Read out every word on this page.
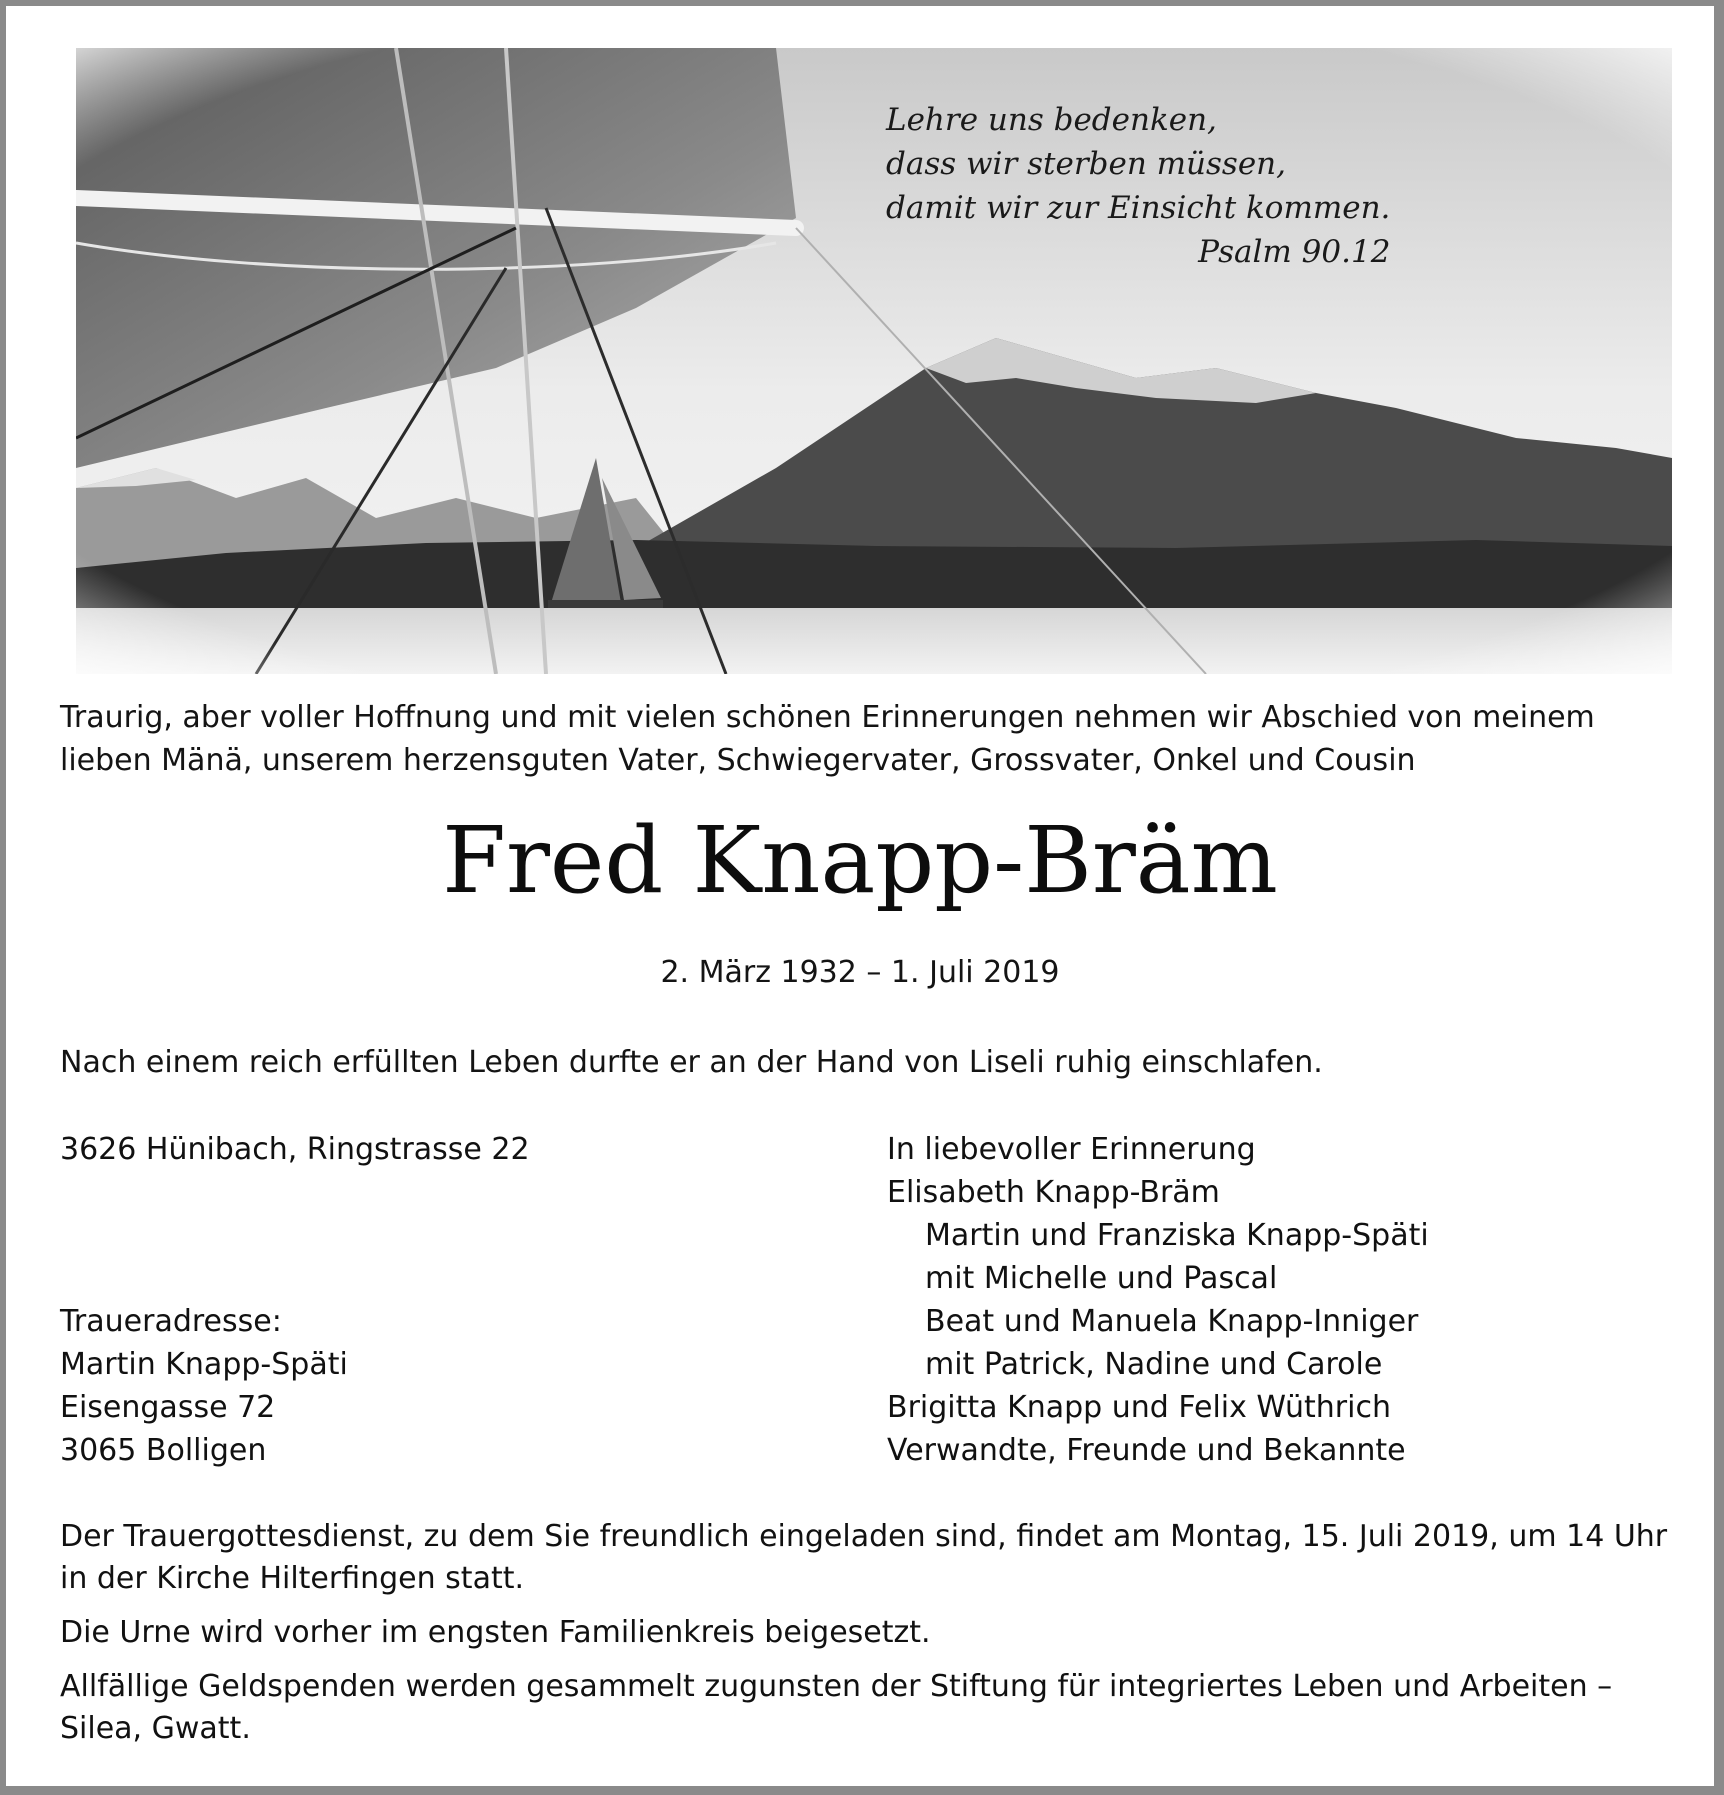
Lehre uns bedenken,
dass wir sterben müssen,
damit wir zur Einsicht kommen.
Psalm 90.12
Traurig, aber voller Hoffnung und mit vielen schönen Erinnerungen nehmen wir Abschied von meinem lieben Mänä, unserem herzensguten Vater, Schwiegervater, Grossvater, Onkel und Cousin
Fred Knapp-Bräm
2. März 1932 – 1. Juli 2019
Nach einem reich erfüllten Leben durfte er an der Hand von Liseli ruhig einschlafen.
3626 Hünibach, Ringstrasse 22
Traueradresse:
Martin Knapp-Späti
Eisengasse 72
3065 Bolligen
In liebevoller Erinnerung
Elisabeth Knapp-Bräm
Martin und Franziska Knapp-Späti
mit Michelle und Pascal
Beat und Manuela Knapp-Inniger
mit Patrick, Nadine und Carole
Brigitta Knapp und Felix Wüthrich
Verwandte, Freunde und Bekannte

Der Trauergottesdienst, zu dem Sie freundlich eingeladen sind, findet am Montag, 15. Juli 2019, um 14 Uhr in der Kirche Hilterfingen statt.

Die Urne wird vorher im engsten Familienkreis beigesetzt.

Allfällige Geldspenden werden gesammelt zugunsten der Stiftung für integriertes Leben und Arbeiten – Silea, Gwatt.
